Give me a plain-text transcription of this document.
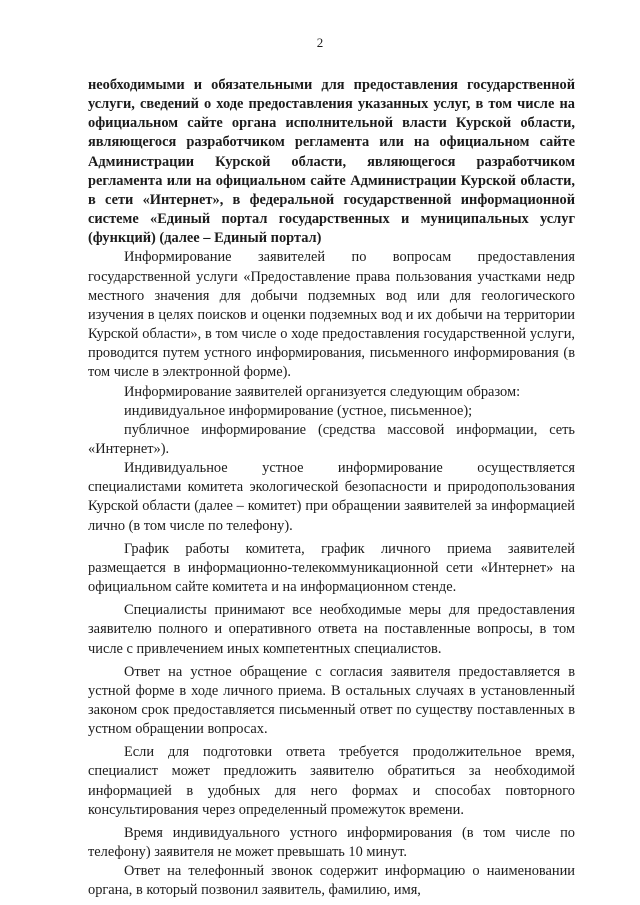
2

необходимыми и обязательными для предоставления государственной услуги, сведений о ходе предоставления указанных услуг, в том числе на официальном сайте органа исполнительной власти Курской области, являющегося разработчиком регламента или на официальном сайте Администрации Курской области, являющегося разработчиком регламента или на официальном сайте Администрации Курской области, в сети «Интернет», в федеральной государственной информационной системе «Единый портал государственных и муниципальных услуг (функций) (далее – Единый портал)

Информирование заявителей по вопросам предоставления государственной услуги «Предоставление права пользования участками недр местного значения для добычи подземных вод или для геологического изучения в целях поисков и оценки подземных вод и их добычи на территории Курской области», в том числе о ходе предоставления государственной услуги, проводится путем устного информирования, письменного информирования (в том числе в электронной форме).

Информирование заявителей организуется следующим образом:

индивидуальное информирование (устное, письменное);

публичное информирование (средства массовой информации, сеть «Интернет»).

Индивидуальное устное информирование осуществляется специалистами комитета экологической безопасности и природопользования Курской области (далее – комитет) при обращении заявителей за информацией лично (в том числе по телефону).

График работы комитета, график личного приема заявителей размещается в информационно-телекоммуникационной сети «Интернет» на официальном сайте комитета и на информационном стенде.

Специалисты принимают все необходимые меры для предоставления заявителю полного и оперативного ответа на поставленные вопросы, в том числе с привлечением иных компетентных специалистов.

Ответ на устное обращение с согласия заявителя предоставляется в устной форме в ходе личного приема. В остальных случаях в установленный законом срок предоставляется письменный ответ по существу поставленных в устном обращении вопросах.

Если для подготовки ответа требуется продолжительное время, специалист может предложить заявителю обратиться за необходимой информацией в удобных для него формах и способах повторного консультирования через определенный промежуток времени.

Время индивидуального устного информирования (в том числе по телефону) заявителя не может превышать 10 минут.

Ответ на телефонный звонок содержит информацию о наименовании органа, в который позвонил заявитель, фамилию, имя,
